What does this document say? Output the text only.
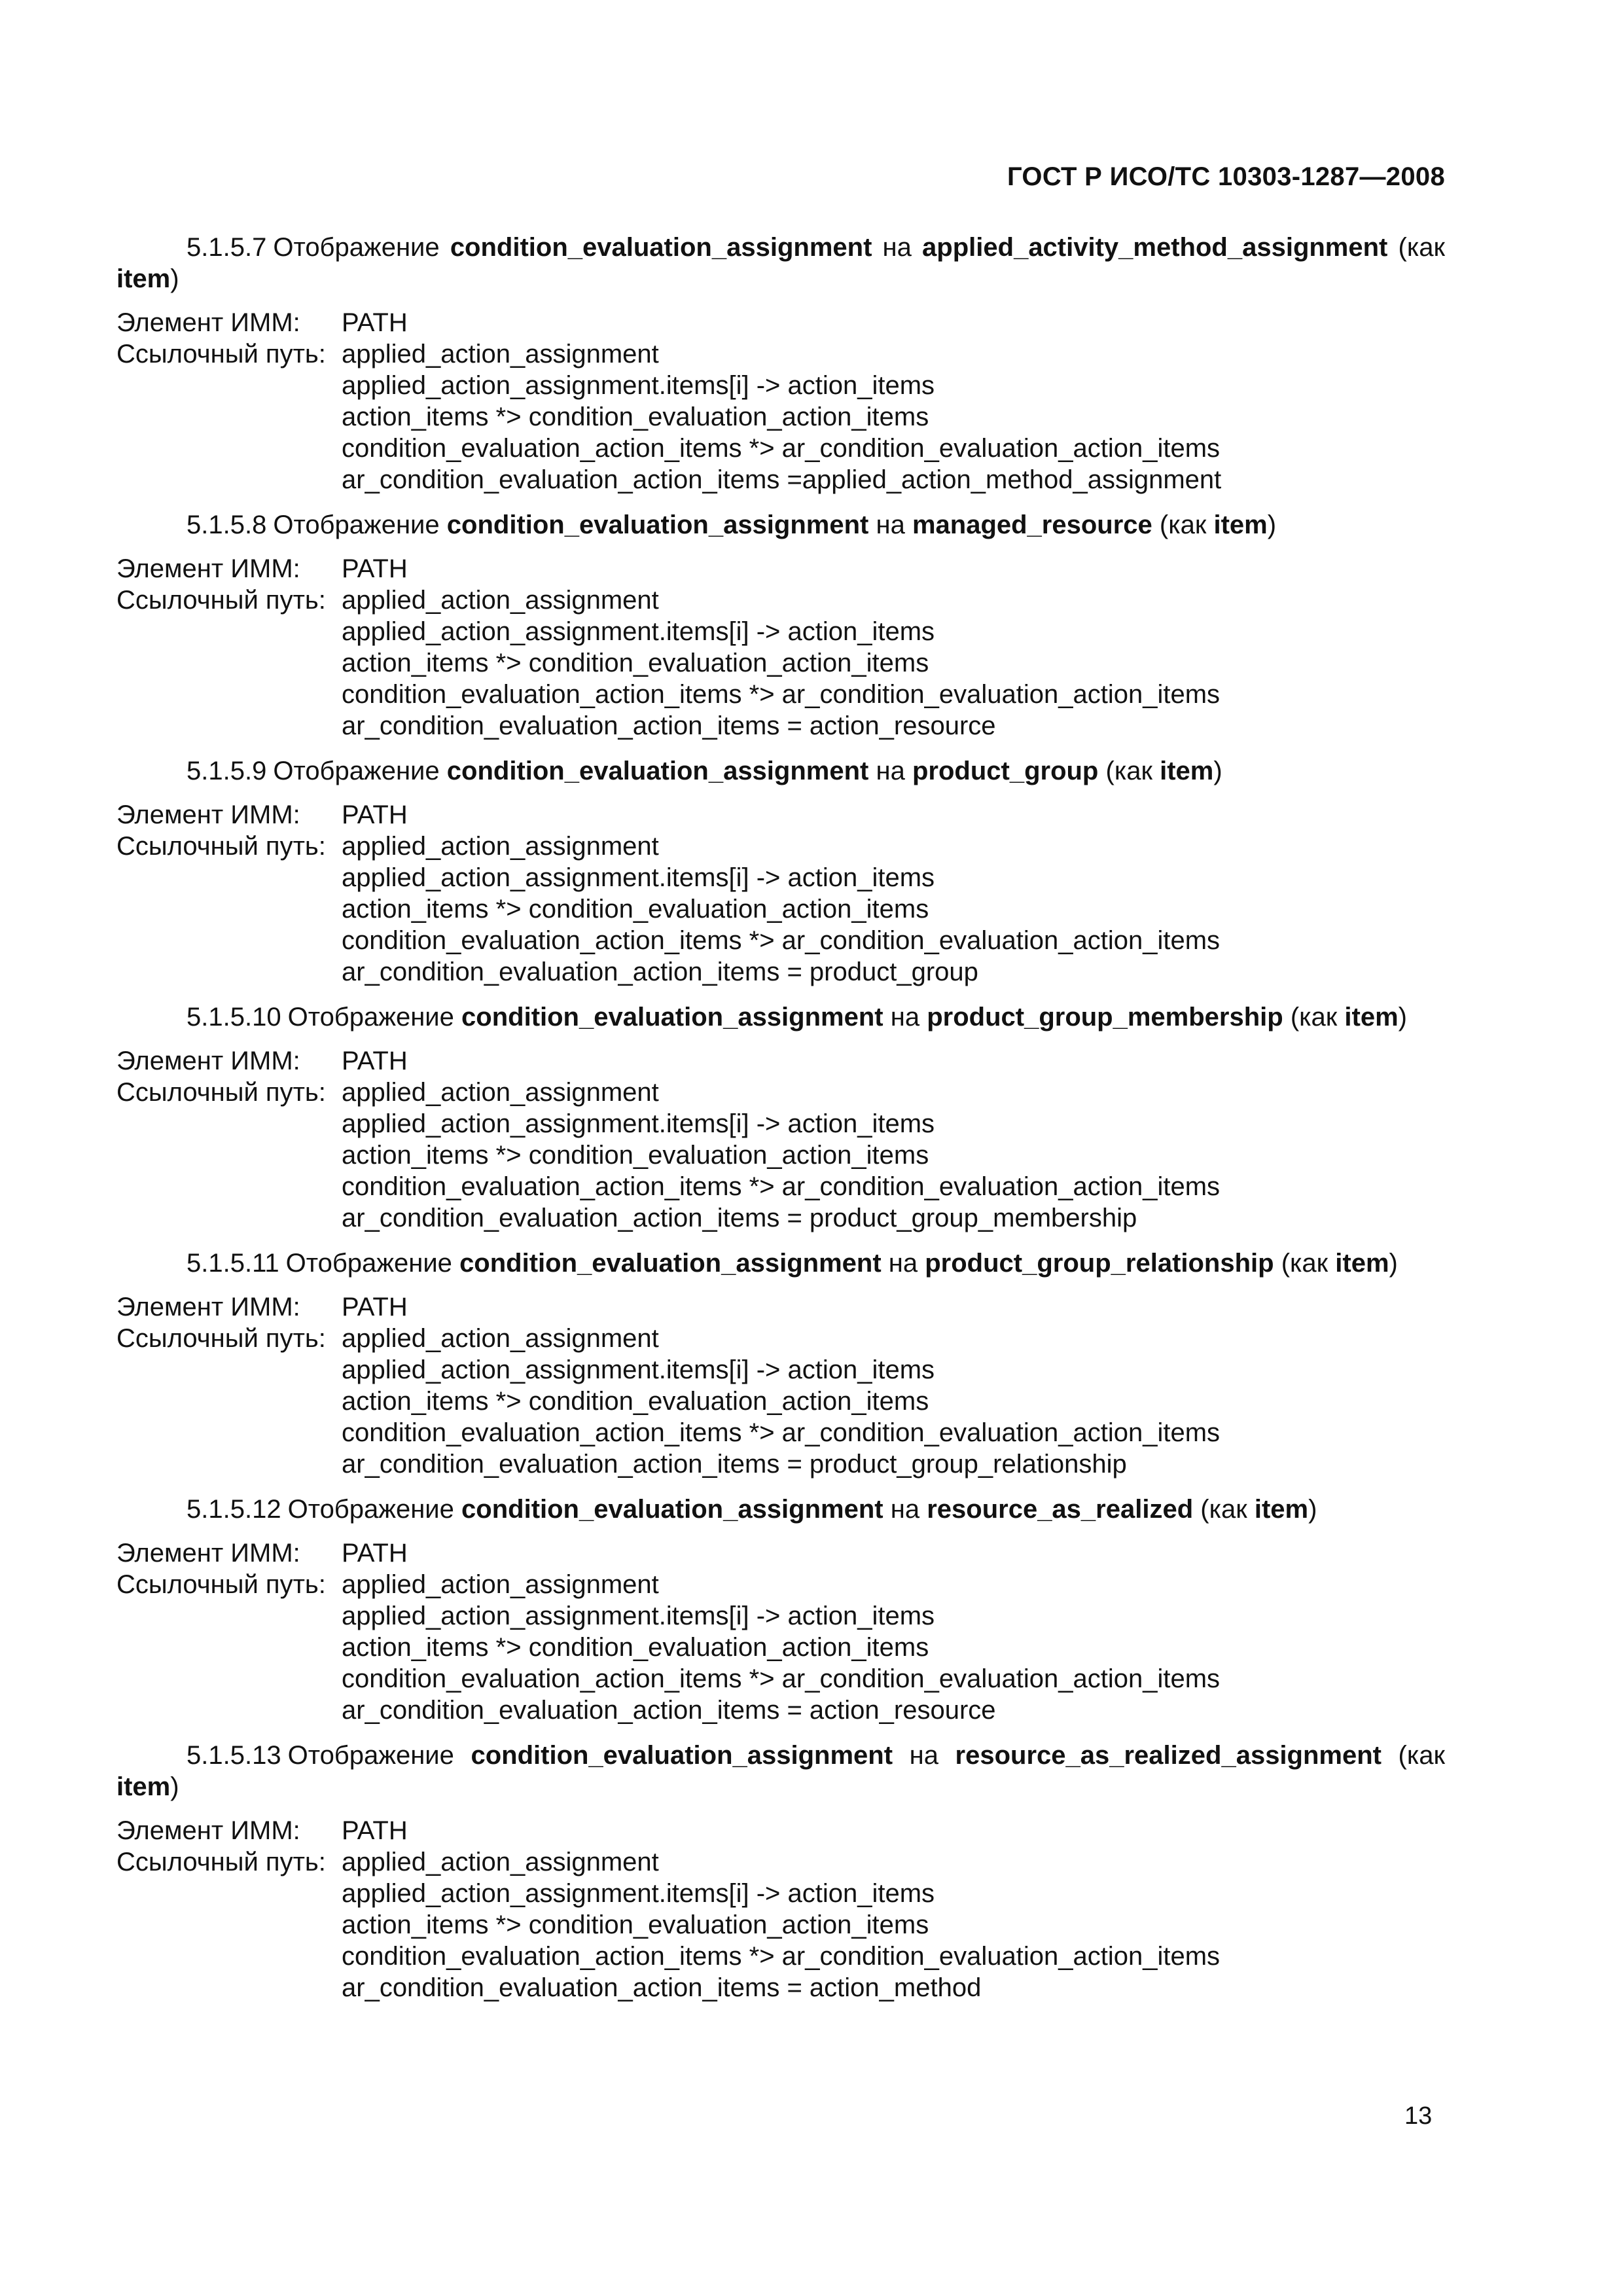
ГОСТ Р ИСО/ТС 10303-1287—2008
5.1.5.7 Отображение condition_evaluation_assignment на applied_activity_method_assignment (как item)
Элемент ИММ:	PATH
Ссылочный путь: applied_action_assignment
applied_action_assignment.items[i] -> action_items
action_items *> condition_evaluation_action_items
condition_evaluation_action_items *> ar_condition_evaluation_action_items
ar_condition_evaluation_action_items =applied_action_method_assignment
5.1.5.8 Отображение condition_evaluation_assignment на managed_resource (как item)
Элемент ИММ:	PATH
Ссылочный путь: applied_action_assignment
applied_action_assignment.items[i] -> action_items
action_items *> condition_evaluation_action_items
condition_evaluation_action_items *> ar_condition_evaluation_action_items
ar_condition_evaluation_action_items = action_resource
5.1.5.9 Отображение condition_evaluation_assignment на product_group (как item)
Элемент ИММ:	PATH
Ссылочный путь: applied_action_assignment
applied_action_assignment.items[i] -> action_items
action_items *> condition_evaluation_action_items
condition_evaluation_action_items *> ar_condition_evaluation_action_items
ar_condition_evaluation_action_items = product_group
5.1.5.10 Отображение condition_evaluation_assignment на product_group_membership (как item)
Элемент ИММ:	PATH
Ссылочный путь: applied_action_assignment
applied_action_assignment.items[i] -> action_items
action_items *> condition_evaluation_action_items
condition_evaluation_action_items *> ar_condition_evaluation_action_items
ar_condition_evaluation_action_items = product_group_membership
5.1.5.11 Отображение condition_evaluation_assignment на product_group_relationship (как item)
Элемент ИММ:	PATH
Ссылочный путь: applied_action_assignment
applied_action_assignment.items[i] -> action_items
action_items *> condition_evaluation_action_items
condition_evaluation_action_items *> ar_condition_evaluation_action_items
ar_condition_evaluation_action_items = product_group_relationship
5.1.5.12 Отображение condition_evaluation_assignment на resource_as_realized (как item)
Элемент ИММ:	PATH
Ссылочный путь: applied_action_assignment
applied_action_assignment.items[i] -> action_items
action_items *> condition_evaluation_action_items
condition_evaluation_action_items *> ar_condition_evaluation_action_items
ar_condition_evaluation_action_items = action_resource
5.1.5.13 Отображение condition_evaluation_assignment на resource_as_realized_assignment (как item)
Элемент ИММ:	PATH
Ссылочный путь: applied_action_assignment
applied_action_assignment.items[i] -> action_items
action_items *> condition_evaluation_action_items
condition_evaluation_action_items *> ar_condition_evaluation_action_items
ar_condition_evaluation_action_items = action_method
13
